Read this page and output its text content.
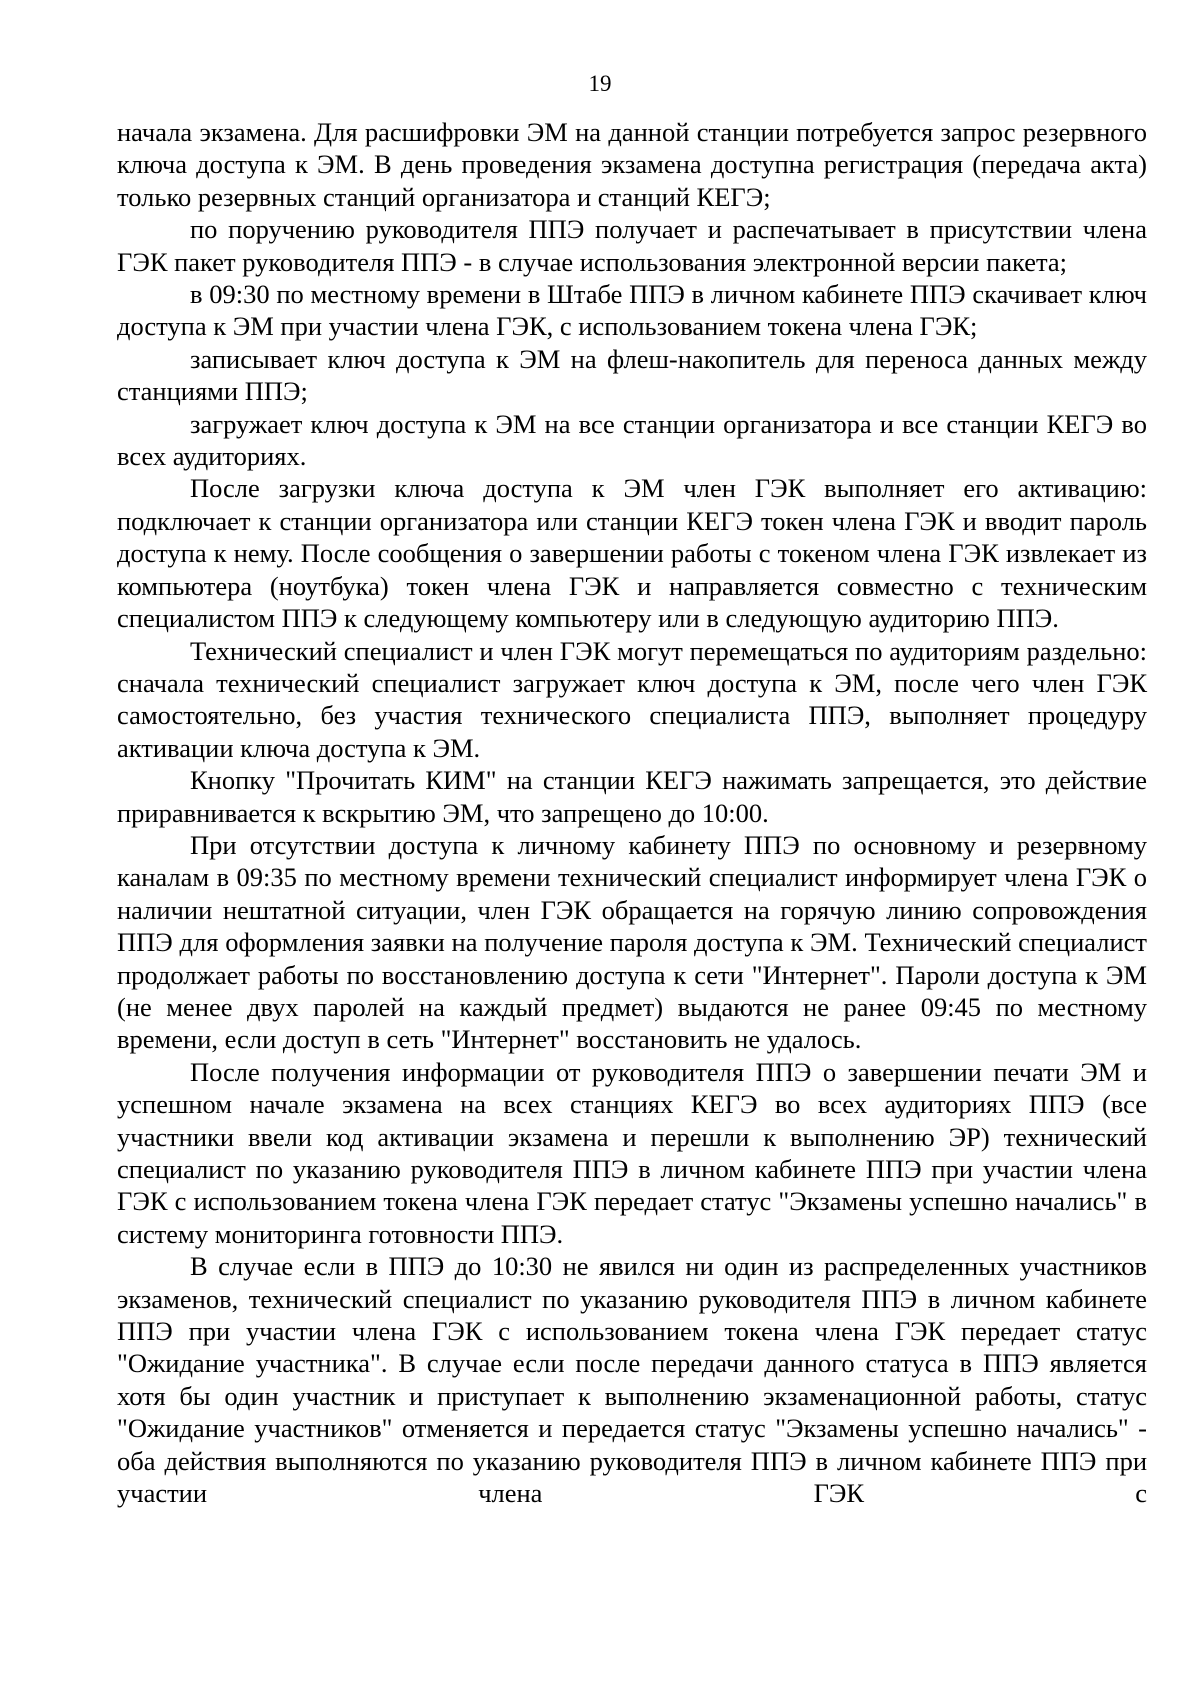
19

начала экзамена. Для расшифровки ЭМ на данной станции потребуется запрос резервного ключа доступа к ЭМ. В день проведения экзамена доступна регистрация (передача акта) только резервных станций организатора и станций КЕГЭ;

по поручению руководителя ППЭ получает и распечатывает в присутствии члена ГЭК пакет руководителя ППЭ - в случае использования электронной версии пакета;

в 09:30 по местному времени в Штабе ППЭ в личном кабинете ППЭ скачивает ключ доступа к ЭМ при участии члена ГЭК, с использованием токена члена ГЭК;

записывает ключ доступа к ЭМ на флеш-накопитель для переноса данных между станциями ППЭ;

загружает ключ доступа к ЭМ на все станции организатора и все станции КЕГЭ во всех аудиториях.

После загрузки ключа доступа к ЭМ член ГЭК выполняет его активацию: подключает к станции организатора или станции КЕГЭ токен члена ГЭК и вводит пароль доступа к нему. После сообщения о завершении работы с токеном члена ГЭК извлекает из компьютера (ноутбука) токен члена ГЭК и направляется совместно с техническим специалистом ППЭ к следующему компьютеру или в следующую аудиторию ППЭ.

Технический специалист и член ГЭК могут перемещаться по аудиториям раздельно: сначала технический специалист загружает ключ доступа к ЭМ, после чего член ГЭК самостоятельно, без участия технического специалиста ППЭ, выполняет процедуру активации ключа доступа к ЭМ.

Кнопку "Прочитать КИМ" на станции КЕГЭ нажимать запрещается, это действие приравнивается к вскрытию ЭМ, что запрещено до 10:00.

При отсутствии доступа к личному кабинету ППЭ по основному и резервному каналам в 09:35 по местному времени технический специалист информирует члена ГЭК о наличии нештатной ситуации, член ГЭК обращается на горячую линию сопровождения ППЭ для оформления заявки на получение пароля доступа к ЭМ. Технический специалист продолжает работы по восстановлению доступа к сети "Интернет". Пароли доступа к ЭМ (не менее двух паролей на каждый предмет) выдаются не ранее 09:45 по местному времени, если доступ в сеть "Интернет" восстановить не удалось.

После получения информации от руководителя ППЭ о завершении печати ЭМ и успешном начале экзамена на всех станциях КЕГЭ во всех аудиториях ППЭ (все участники ввели код активации экзамена и перешли к выполнению ЭР) технический специалист по указанию руководителя ППЭ в личном кабинете ППЭ при участии члена ГЭК с использованием токена члена ГЭК передает статус "Экзамены успешно начались" в систему мониторинга готовности ППЭ.

В случае если в ППЭ до 10:30 не явился ни один из распределенных участников экзаменов, технический специалист по указанию руководителя ППЭ в личном кабинете ППЭ при участии члена ГЭК с использованием токена члена ГЭК передает статус "Ожидание участника". В случае если после передачи данного статуса в ППЭ является хотя бы один участник и приступает к выполнению экзаменационной работы, статус "Ожидание участников" отменяется и передается статус "Экзамены успешно начались" - оба действия выполняются по указанию руководителя ППЭ в личном кабинете ППЭ при участии члена ГЭК с
